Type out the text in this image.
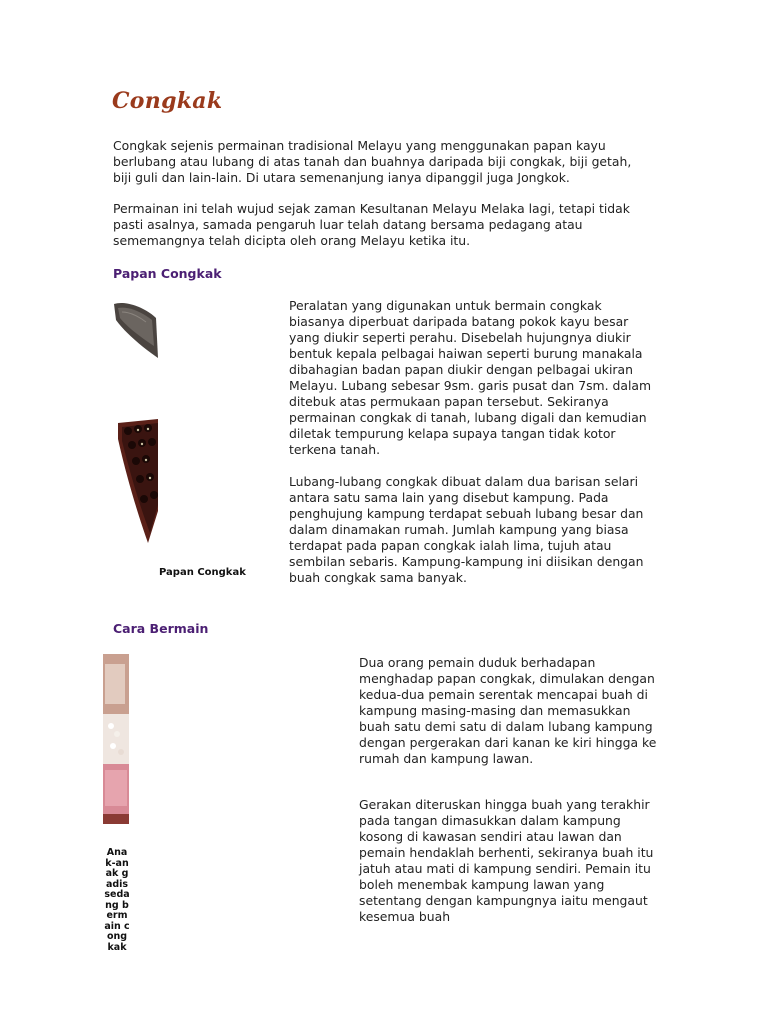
Congkak
Congkak sejenis permainan tradisional Melayu yang menggunakan papan kayu berlubang atau lubang di atas tanah dan buahnya daripada biji congkak, biji getah, biji guli dan lain-lain. Di utara semenanjung ianya dipanggil juga Jongkok.
Permainan ini telah wujud sejak zaman Kesultanan Melayu Melaka lagi, tetapi tidak pasti asalnya, samada pengaruh luar telah datang bersama pedagang atau sememangnya telah dicipta oleh orang Melayu ketika itu.
Papan Congkak
Papan Congkak
Peralatan yang digunakan untuk bermain congkak biasanya diperbuat daripada batang pokok kayu besar yang diukir seperti perahu. Disebelah hujungnya diukir bentuk kepala pelbagai haiwan seperti burung manakala dibahagian badan papan diukir dengan pelbagai ukiran Melayu. Lubang sebesar 9sm. garis pusat dan 7sm. dalam ditebuk atas permukaan papan tersebut. Sekiranya permainan congkak di tanah, lubang digali dan kemudian diletak tempurung kelapa supaya tangan tidak kotor terkena tanah.
Lubang-lubang congkak dibuat dalam dua barisan selari antara satu sama lain yang disebut kampung. Pada penghujung kampung terdapat sebuah lubang besar dan dalam dinamakan rumah. Jumlah kampung yang biasa terdapat pada papan congkak ialah lima, tujuh atau sembilan sebaris. Kampung-kampung ini diisikan dengan buah congkak sama banyak.
Cara Bermain
Anak-anak gadis sedang bermain congkak
Dua orang pemain duduk berhadapan menghadap papan congkak, dimulakan dengan kedua-dua pemain serentak mencapai buah di kampung masing-masing dan memasukkan buah satu demi satu di dalam lubang kampung dengan pergerakan dari kanan ke kiri hingga ke rumah dan kampung lawan.
Gerakan diteruskan hingga buah yang terakhir pada tangan dimasukkan dalam kampung kosong di kawasan sendiri atau lawan dan pemain hendaklah berhenti, sekiranya buah itu jatuh atau mati di kampung sendiri. Pemain itu boleh menembak kampung lawan yang setentang dengan kampungnya iaitu mengaut kesemua buah
